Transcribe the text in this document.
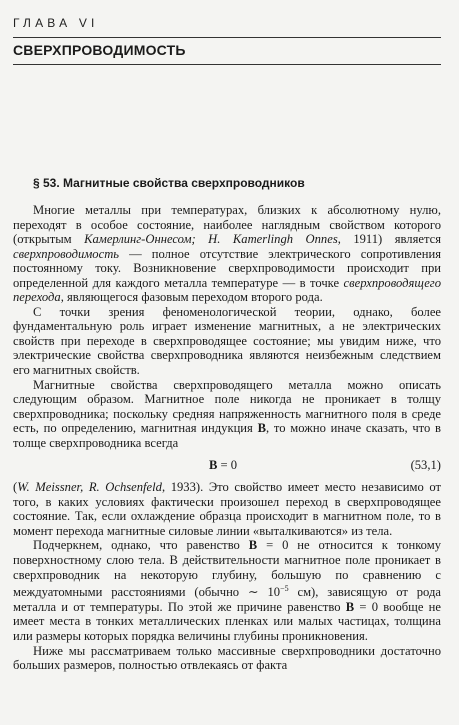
ГЛАВА VI
СВЕРХПРОВОДИМОСТЬ
§ 53. Магнитные свойства сверхпроводников

Многие металлы при температурах, близких к абсолютному нулю, переходят в особое состояние, наиболее наглядным свойством которого (открытым Камерлинг-Оннесом; H. Kamerlingh Onnes, 1911) является сверхпроводимость — полное отсутствие электрического сопротивления постоянному току. Возникновение сверхпроводимости происходит при определенной для каждого металла температуре — в точке сверхпроводящего перехода, являющегося фазовым переходом второго рода.

С точки зрения феноменологической теории, однако, более фундаментальную роль играет изменение магнитных, а не электрических свойств при переходе в сверхпроводящее состояние; мы увидим ниже, что электрические свойства сверхпроводника являются неизбежным следствием его магнитных свойств.

Магнитные свойства сверхпроводящего металла можно описать следующим образом. Магнитное поле никогда не проникает в толщу сверхпроводника; поскольку средняя напряженность магнитного поля в среде есть, по определению, магнитная индукция B, то можно иначе сказать, что в толще сверхпроводника всегда

B = 0	(53,1)

(W. Meissner, R. Ochsenfeld, 1933). Это свойство имеет место независимо от того, в каких условиях фактически произошел переход в сверхпроводящее состояние. Так, если охлаждение образца происходит в магнитном поле, то в момент перехода магнитные силовые линии «выталкиваются» из тела.

Подчеркнем, однако, что равенство B = 0 не относится к тонкому поверхностному слою тела. В действительности магнитное поле проникает в сверхпроводник на некоторую глубину, большую по сравнению с междуатомными расстояниями (обычно ∼ $10^{-5}$ см), зависящую от рода металла и от температуры. По этой же причине равенство B = 0 вообще не имеет места в тонких металлических пленках или малых частицах, толщина или размеры которых порядка величины глубины проникновения.

Ниже мы рассматриваем только массивные сверхпроводники достаточно больших размеров, полностью отвлекаясь от факта
